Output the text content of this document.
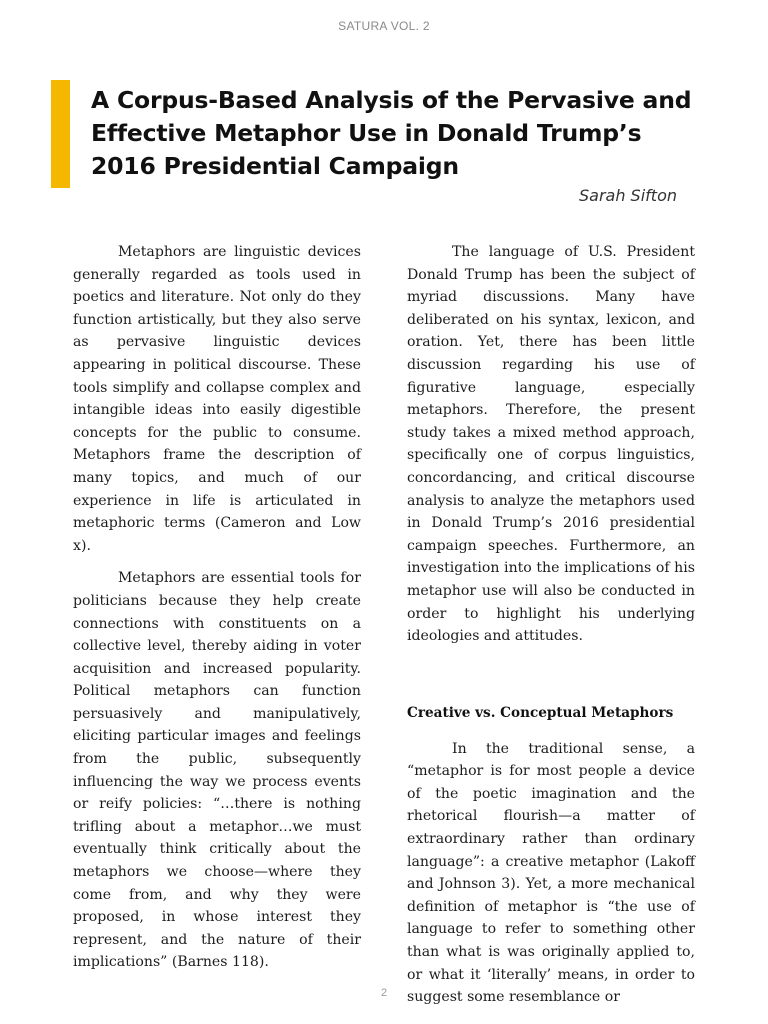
SATURA VOL. 2
A Corpus-Based Analysis of the Pervasive and Effective Metaphor Use in Donald Trump’s 2016 Presidential Campaign
Sarah Sifton

Metaphors are linguistic devices generally regarded as tools used in poetics and literature. Not only do they function artistically, but they also serve as pervasive linguistic devices appearing in political discourse. These tools simplify and collapse complex and intangible ideas into easily digestible concepts for the public to consume. Metaphors frame the description of many topics, and much of our experience in life is articulated in metaphoric terms (Cameron and Low x).

Metaphors are essential tools for politicians because they help create connections with constituents on a collective level, thereby aiding in voter acquisition and increased popularity. Political metaphors can function persuasively and manipulatively, eliciting particular images and feelings from the public, subsequently influencing the way we process events or reify policies: “…there is nothing trifling about a metaphor…we must eventually think critically about the metaphors we choose—where they come from, and why they were proposed, in whose interest they represent, and the nature of their implications” (Barnes 118).

The language of U.S. President Donald Trump has been the subject of myriad discussions. Many have deliberated on his syntax, lexicon, and oration. Yet, there has been little discussion regarding his use of figurative language, especially metaphors. Therefore, the present study takes a mixed method approach, specifically one of corpus linguistics, concordancing, and critical discourse analysis to analyze the metaphors used in Donald Trump’s 2016 presidential campaign speeches. Furthermore, an investigation into the implications of his metaphor use will also be conducted in order to highlight his underlying ideologies and attitudes.

Creative vs. Conceptual Metaphors

In the traditional sense, a “metaphor is for most people a device of the poetic imagination and the rhetorical flourish—a matter of extraordinary rather than ordinary language”: a creative metaphor (Lakoff and Johnson 3). Yet, a more mechanical definition of metaphor is “the use of language to refer to something other than what is was originally applied to, or what it ‘literally’ means, in order to suggest some resemblance or

2
